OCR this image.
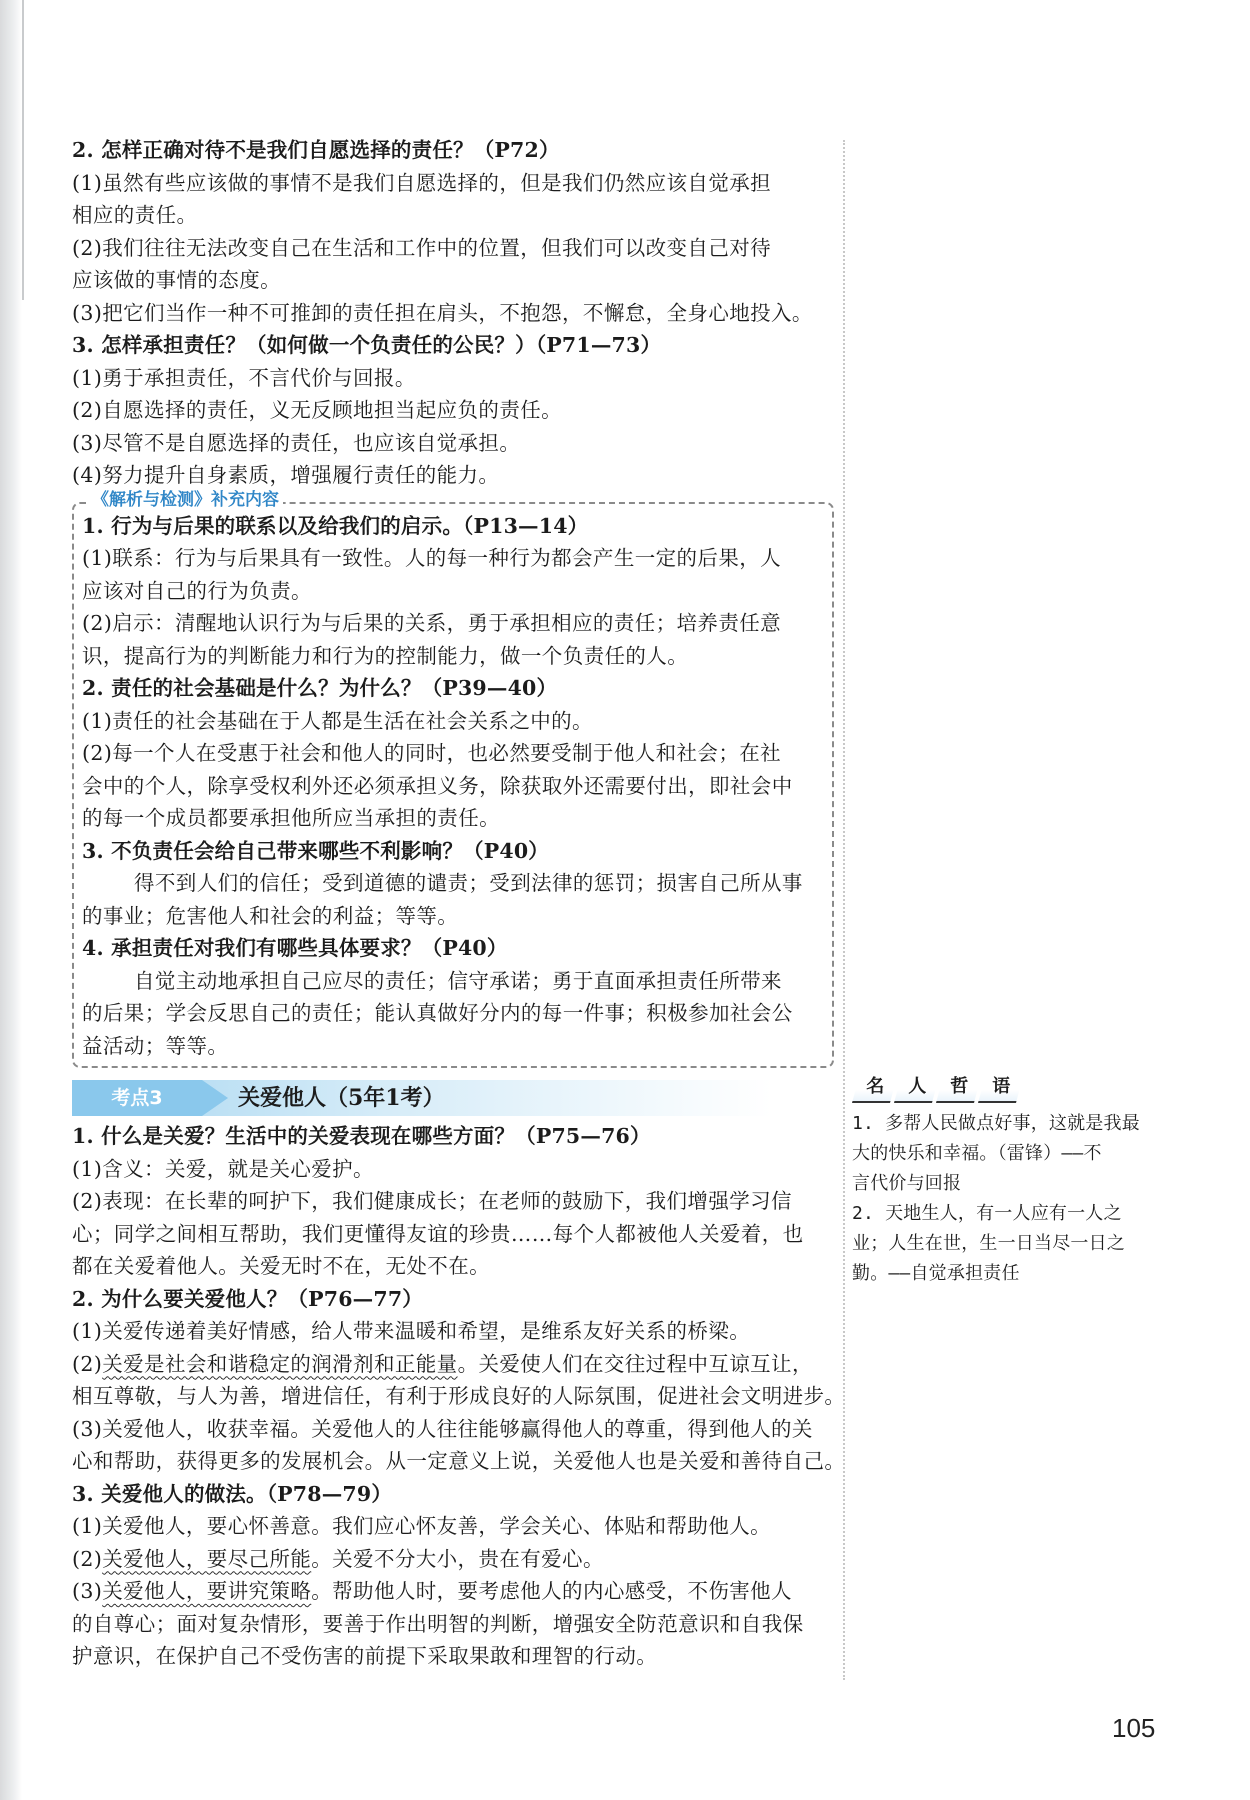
2. 怎样正确对待不是我们自愿选择的责任？（P72）
(1)虽然有些应该做的事情不是我们自愿选择的，但是我们仍然应该自觉承担
相应的责任。
(2)我们往往无法改变自己在生活和工作中的位置，但我们可以改变自己对待
应该做的事情的态度。
(3)把它们当作一种不可推卸的责任担在肩头，不抱怨，不懈怠，全身心地投入。
3. 怎样承担责任？（如何做一个负责任的公民？）（P71—73）
(1)勇于承担责任，不言代价与回报。
(2)自愿选择的责任，义无反顾地担当起应负的责任。
(3)尽管不是自愿选择的责任，也应该自觉承担。
(4)努力提升自身素质，增强履行责任的能力。
《解析与检测》补充内容
1. 行为与后果的联系以及给我们的启示。（P13—14）
(1)联系：行为与后果具有一致性。人的每一种行为都会产生一定的后果，人
应该对自己的行为负责。
(2)启示：清醒地认识行为与后果的关系，勇于承担相应的责任；培养责任意
识，提高行为的判断能力和行为的控制能力，做一个负责任的人。
2. 责任的社会基础是什么？为什么？（P39—40）
(1)责任的社会基础在于人都是生活在社会关系之中的。
(2)每一个人在受惠于社会和他人的同时，也必然要受制于他人和社会；在社
会中的个人，除享受权利外还必须承担义务，除获取外还需要付出，即社会中
的每一个成员都要承担他所应当承担的责任。
3. 不负责任会给自己带来哪些不利影响？（P40）
得不到人们的信任；受到道德的谴责；受到法律的惩罚；损害自己所从事
的事业；危害他人和社会的利益；等等。
4. 承担责任对我们有哪些具体要求？（P40）
自觉主动地承担自己应尽的责任；信守承诺；勇于直面承担责任所带来
的后果；学会反思自己的责任；能认真做好分内的每一件事；积极参加社会公
益活动；等等。
考点3	关爱他人（5年1考）
1. 什么是关爱？生活中的关爱表现在哪些方面？（P75—76）
(1)含义：关爱，就是关心爱护。
(2)表现：在长辈的呵护下，我们健康成长；在老师的鼓励下，我们增强学习信
心；同学之间相互帮助，我们更懂得友谊的珍贵……每个人都被他人关爱着，也
都在关爱着他人。关爱无时不在，无处不在。
2. 为什么要关爱他人？（P76—77）
(1)关爱传递着美好情感，给人带来温暖和希望，是维系友好关系的桥梁。
(2)关爱是社会和谐稳定的润滑剂和正能量。关爱使人们在交往过程中互谅互让，
相互尊敬，与人为善，增进信任，有利于形成良好的人际氛围，促进社会文明进步。
(3)关爱他人，收获幸福。关爱他人的人往往能够赢得他人的尊重，得到他人的关
心和帮助，获得更多的发展机会。从一定意义上说，关爱他人也是关爱和善待自己。
3. 关爱他人的做法。（P78—79）
(1)关爱他人，要心怀善意。我们应心怀友善，学会关心、体贴和帮助他人。
(2)关爱他人，要尽己所能。关爱不分大小，贵在有爱心。
(3)关爱他人，要讲究策略。帮助他人时，要考虑他人的内心感受，不伤害他人
的自尊心；面对复杂情形，要善于作出明智的判断，增强安全防范意识和自我保
护意识，在保护自己不受伤害的前提下采取果敢和理智的行动。
名	人	哲	语
1. 多帮人民做点好事，这就是我最
大的快乐和幸福。（雷锋）——不
言代价与回报
2. 天地生人，有一人应有一人之
业；人生在世，生一日当尽一日之
勤。——自觉承担责任
105
